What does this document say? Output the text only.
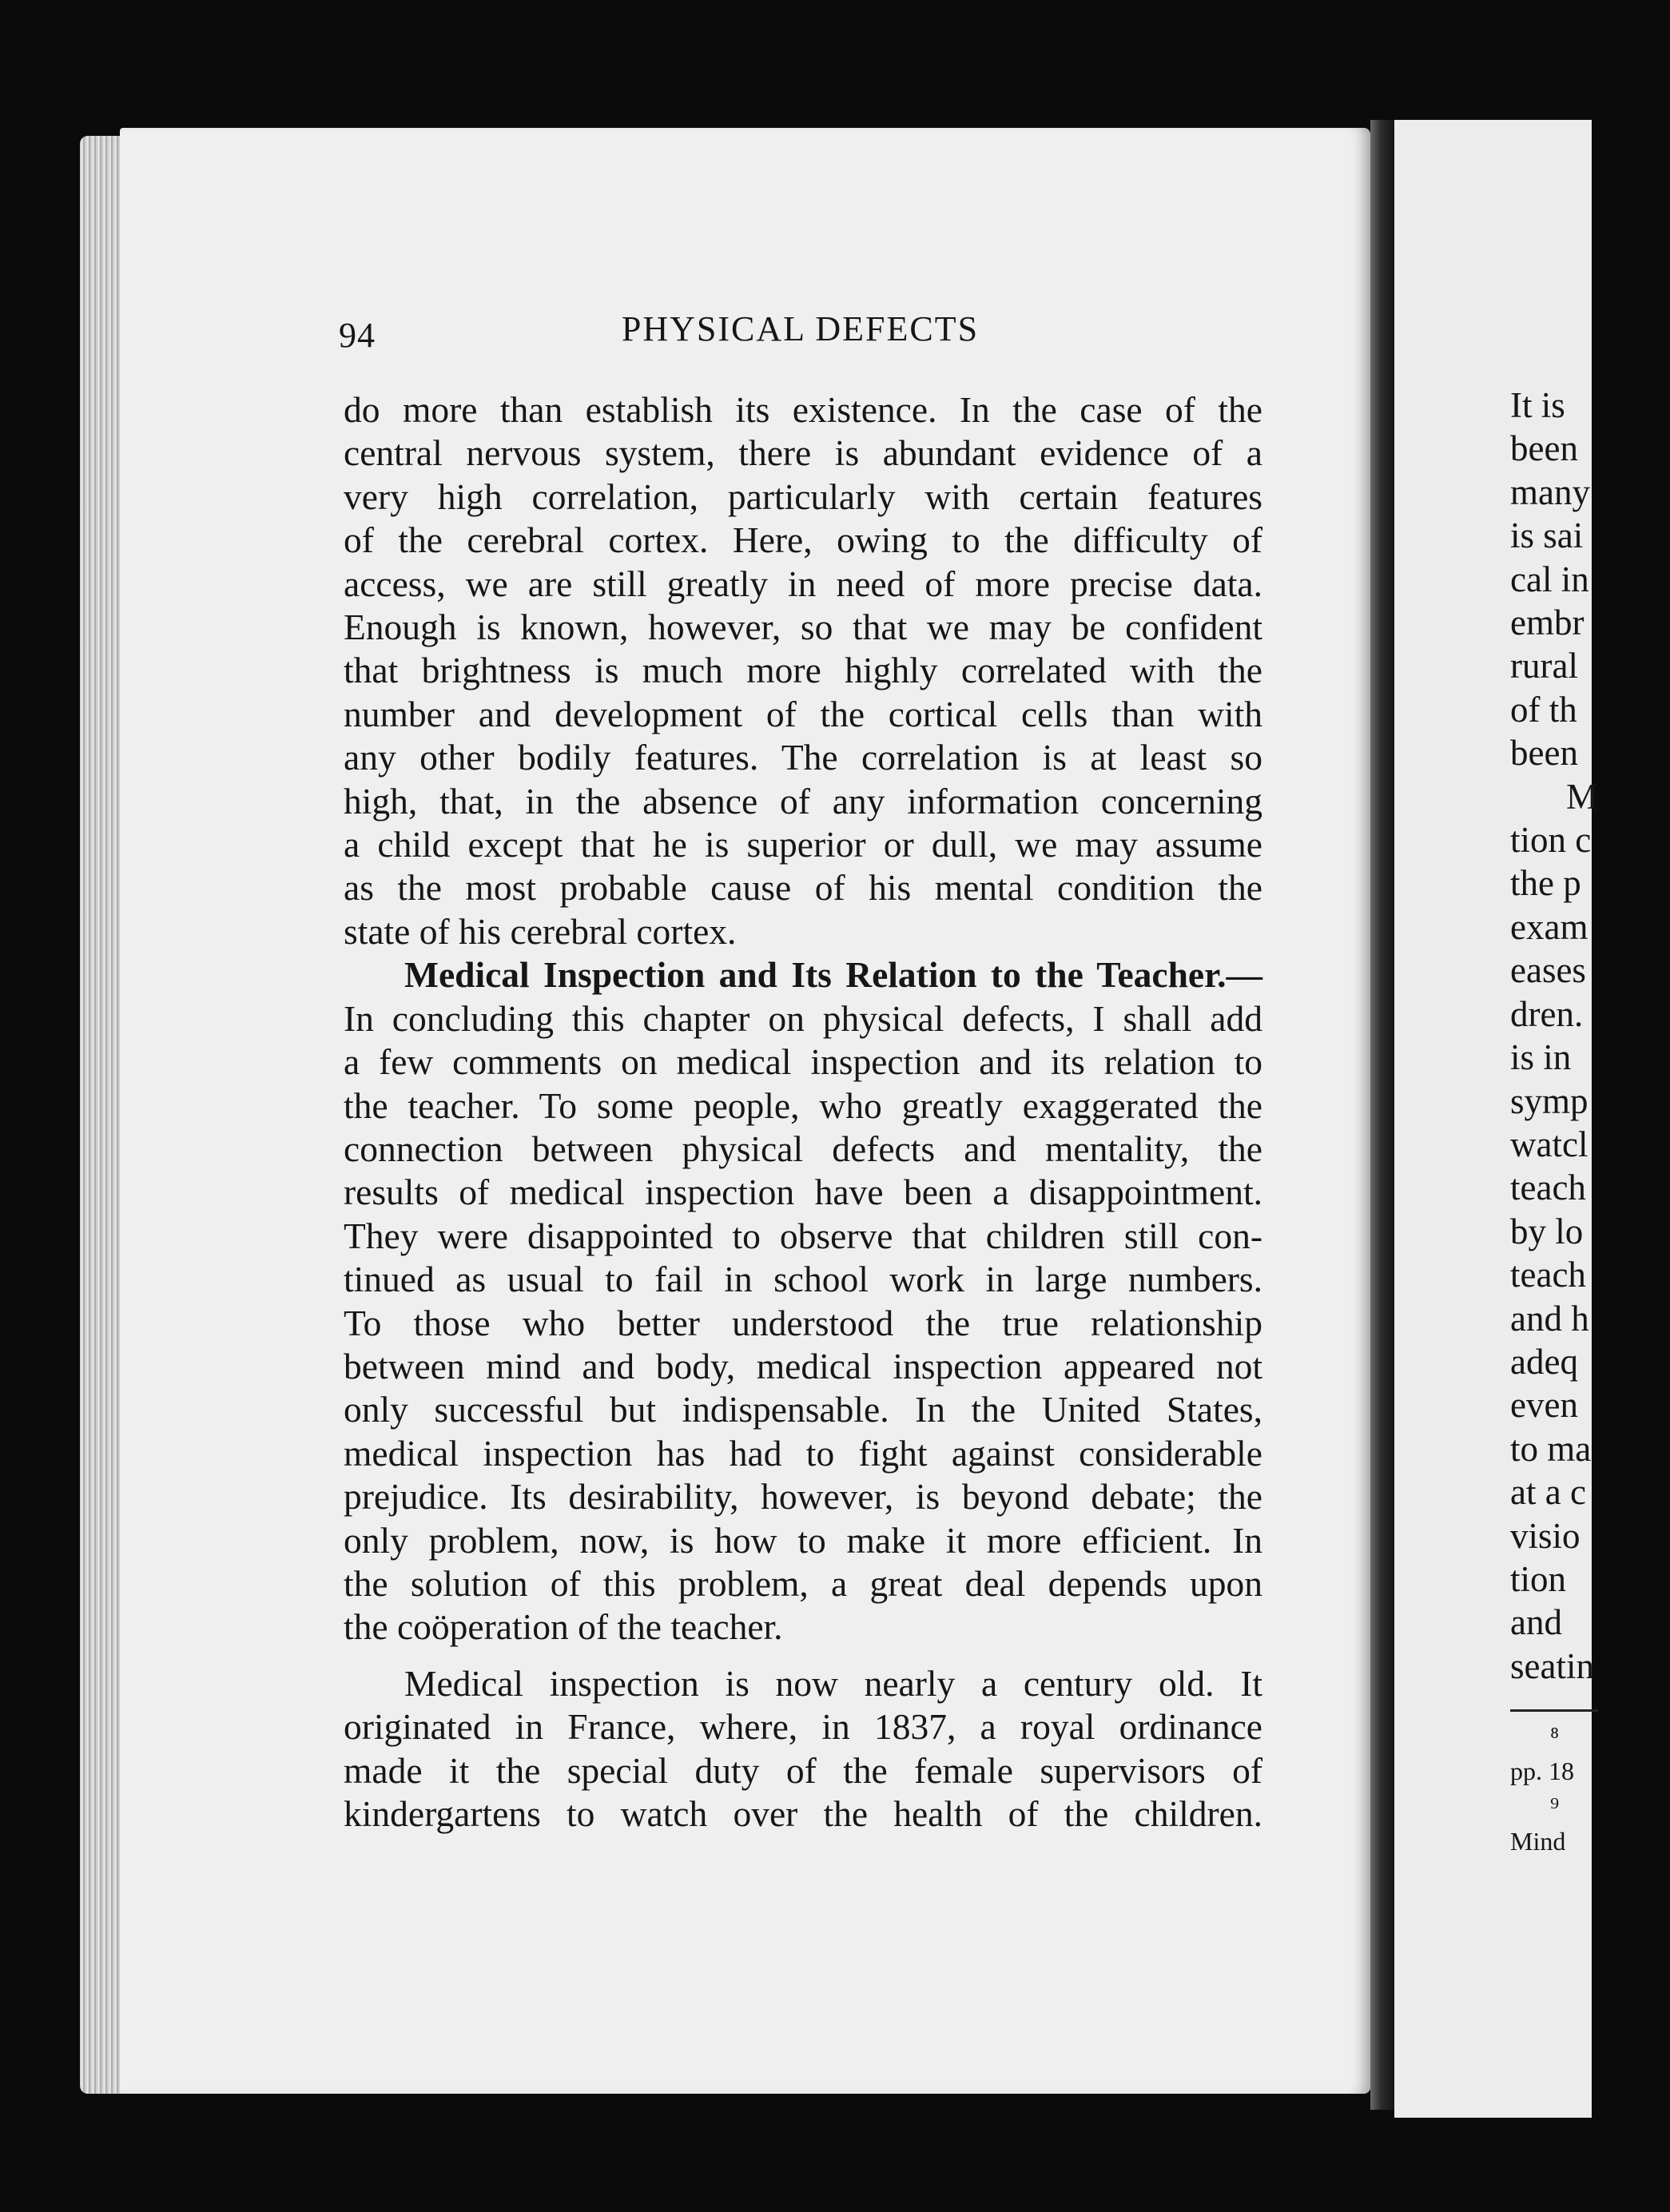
94	PHYSICAL DEFECTS
do more than establish its existence. In the case of the
central nervous system, there is abundant evidence of a
very high correlation, particularly with certain features
of the cerebral cortex. Here, owing to the difficulty of
access, we are still greatly in need of more precise data.
Enough is known, however, so that we may be confident
that brightness is much more highly correlated with the
number and development of the cortical cells than with
any other bodily features. The correlation is at least so
high, that, in the absence of any information concerning
a child except that he is superior or dull, we may assume
as the most probable cause of his mental condition the
state of his cerebral cortex.
Medical Inspection and Its Relation to the Teacher.—
In concluding this chapter on physical defects, I shall add
a few comments on medical inspection and its relation to
the teacher. To some people, who greatly exaggerated the
connection between physical defects and mentality, the
results of medical inspection have been a disappointment.
They were disappointed to observe that children still con-
tinued as usual to fail in school work in large numbers.
To those who better understood the true relationship
between mind and body, medical inspection appeared not
only successful but indispensable. In the United States,
medical inspection has had to fight against considerable
prejudice. Its desirability, however, is beyond debate; the
only problem, now, is how to make it more efficient. In
the solution of this problem, a great deal depends upon
the coöperation of the teacher.
Medical inspection is now nearly a century old. It
originated in France, where, in 1837, a royal ordinance
made it the special duty of the female supervisors of
kindergartens to watch over the health of the children.
It is
been
many
is sai
cal in
embr
rural
of th
been
M
tion c
the p
exam
eases
dren.
is in
symp
watcl
teach
by lo
teach
and h
adeq
even
to ma
at a c
visio
tion
and
seatin
⁸
pp. 18
⁹
Mind
